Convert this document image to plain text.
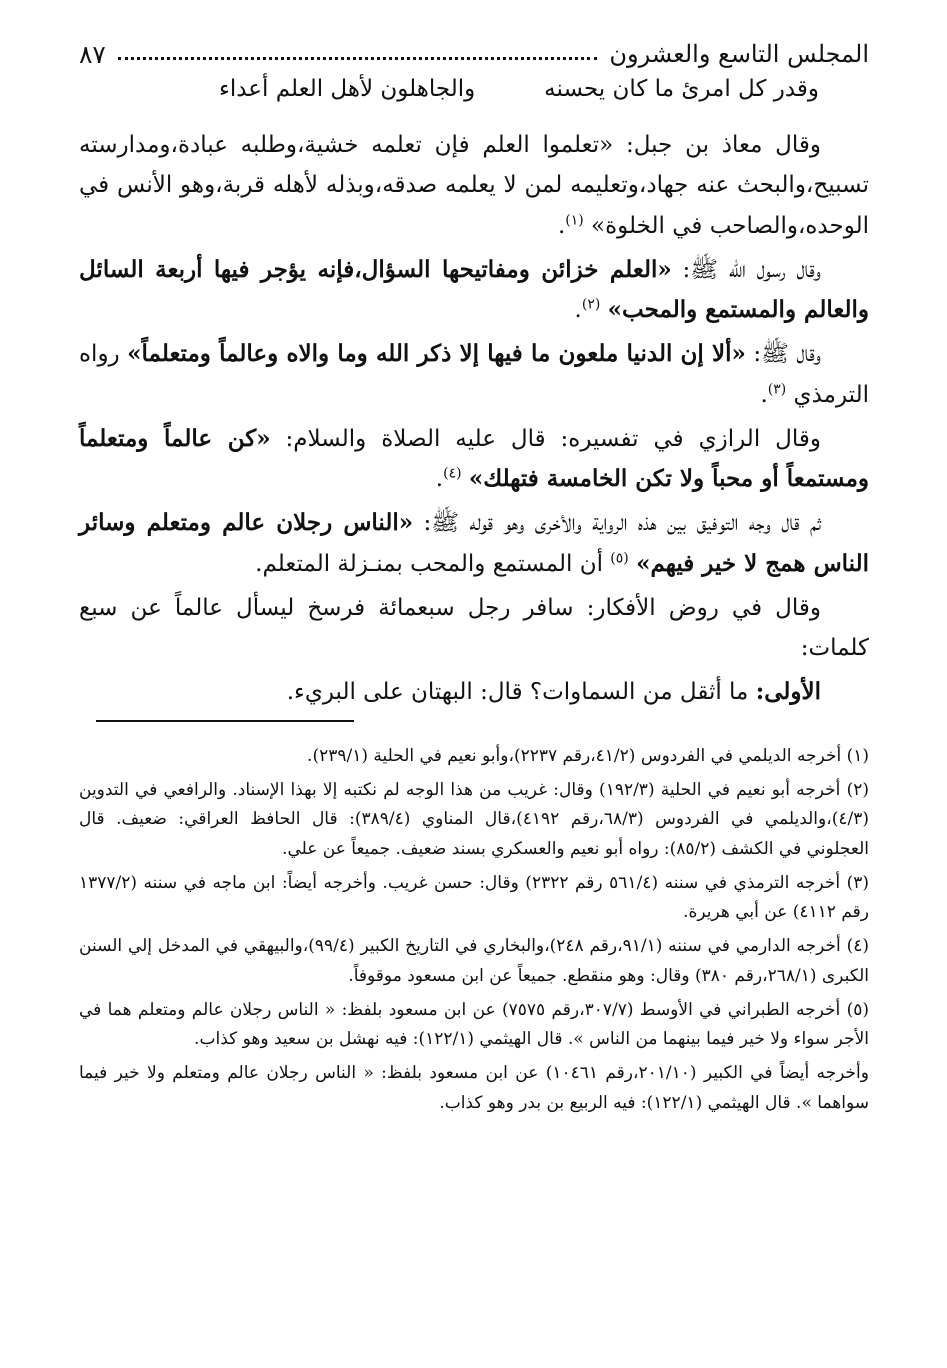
المجلس التاسع والعشرون
٨٧
وقدر كل امرئ ما كان يحسنه
والجاهلون لأهل العلم أعداء

وقال معاذ بن جبل: «تعلموا العلم فإن تعلمه خشية،وطلبه عبادة،ومدارسته تسبيح،والبحث عنه جهاد،وتعليمه لمن لا يعلمه صدقه،وبذله لأهله قربة،وهو الأنس في الوحده،والصاحب في الخلوة» $^{(١)}$.

وقال رسول الله ﷺ: «العلم خزائن ومفاتيحها السؤال،فإنه يؤجر فيها أربعة السائل والعالم والمستمع والمحب» $^{(٢)}$.

وقال ﷺ: «ألا إن الدنيا ملعون ما فيها إلا ذكر الله وما والاه وعالماً ومتعلماً» رواه الترمذي $^{(٣)}$.

وقال الرازي في تفسيره: قال عليه الصلاة والسلام: «كن عالماً ومتعلماً ومستمعاً أو محباً ولا تكن الخامسة فتهلك» $^{(٤)}$.

ثم قال وجه التوفيق بين هذه الرواية والأخرى وهو قوله ﷺ: «الناس رجلان عالم ومتعلم وسائر الناس همج لا خير فيهم» $^{(٥)}$ أن المستمع والمحب بمنـزلة المتعلم.

وقال في روض الأفكار: سافر رجل سبعمائة فرسخ ليسأل عالماً عن سبع كلمات:

الأولى: ما أثقل من السماوات؟ قال: البهتان على البريء.

(١) أخرجه الديلمي في الفردوس (٤١/٢،رقم ٢٢٣٧)،وأبو نعيم في الحلية (٢٣٩/١).

(٢) أخرجه أبو نعيم في الحلية (١٩٢/٣) وقال: غريب من هذا الوجه لم نكتبه إلا بهذا الإسناد. والرافعي في التدوين (٤/٣)،والديلمي في الفردوس (٦٨/٣،رقم ٤١٩٢)،قال المناوي (٣٨٩/٤): قال الحافظ العراقي: ضعيف. قال العجلوني في الكشف (٨٥/٢): رواه أبو نعيم والعسكري بسند ضعيف. جميعاً عن علي.

(٣) أخرجه الترمذي في سننه (٥٦١/٤ رقم ٢٣٢٢) وقال: حسن غريب. وأخرجه أيضاً: ابن ماجه في سننه (١٣٧٧/٢ رقم ٤١١٢) عن أبي هريرة.

(٤) أخرجه الدارمي في سننه (٩١/١،رقم ٢٤٨)،والبخاري في التاريخ الكبير (٩٩/٤)،والبيهقي في المدخل إلي السنن الكبرى (٢٦٨/١،رقم ٣٨٠) وقال: وهو منقطع. جميعاً عن ابن مسعود موقوفاً.

(٥) أخرجه الطبراني في الأوسط (٣٠٧/٧،رقم ٧٥٧٥) عن ابن مسعود بلفظ: « الناس رجلان عالم ومتعلم هما في الأجر سواء ولا خير فيما بينهما من الناس ». قال الهيثمي (١٢٢/١): فيه نهشل بن سعيد وهو كذاب.

وأخرجه أيضاً في الكبير (٢٠١/١٠،رقم ١٠٤٦١) عن ابن مسعود بلفظ: « الناس رجلان عالم ومتعلم ولا خير فيما سواهما ». قال الهيثمي (١٢٢/١): فيه الربيع بن بدر وهو كذاب.
